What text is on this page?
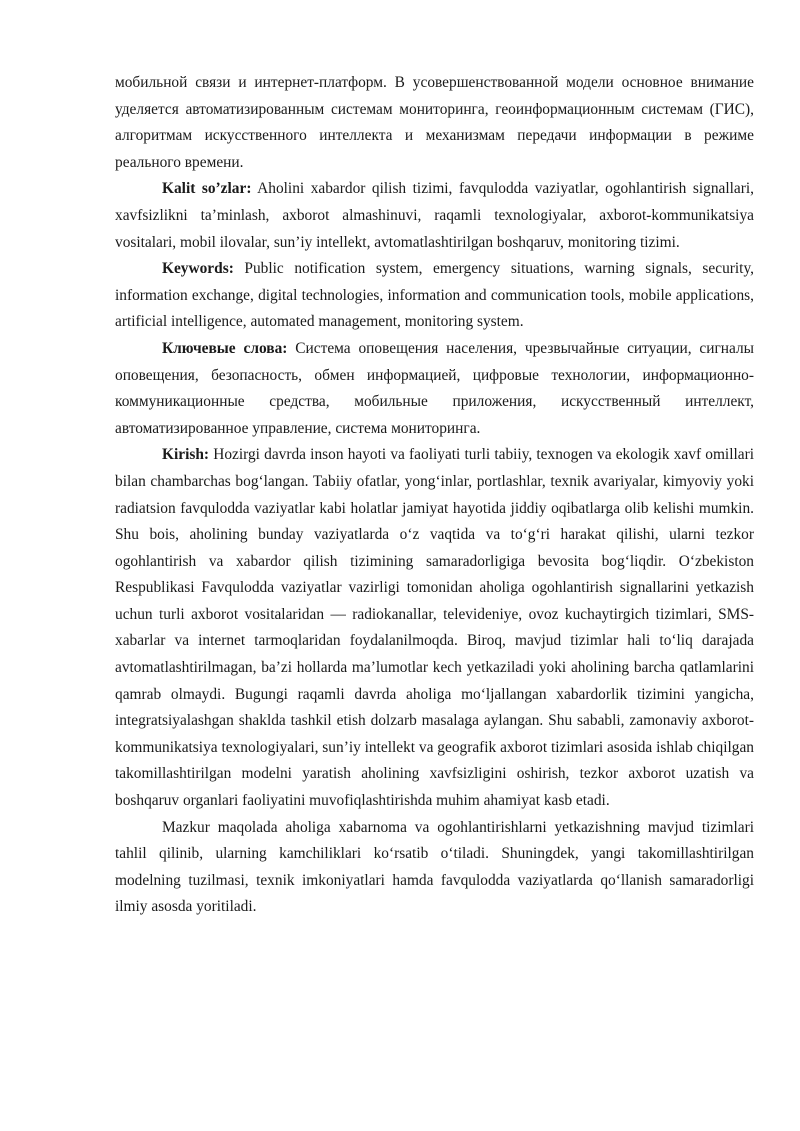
мобильной связи и интернет-платформ. В усовершенствованной модели основное внимание уделяется автоматизированным системам мониторинга, геоинформационным системам (ГИС), алгоритмам искусственного интеллекта и механизмам передачи информации в режиме реального времени.

Kalit so’zlar: Aholini xabardor qilish tizimi, favqulodda vaziyatlar, ogohlantirish signallari, xavfsizlikni ta’minlash, axborot almashinuvi, raqamli texnologiyalar, axborot-kommunikatsiya vositalari, mobil ilovalar, sun’iy intellekt, avtomatlashtirilgan boshqaruv, monitoring tizimi.

Keywords: Public notification system, emergency situations, warning signals, security, information exchange, digital technologies, information and communication tools, mobile applications, artificial intelligence, automated management, monitoring system.

Ключевые слова: Система оповещения населения, чрезвычайные ситуации, сигналы оповещения, безопасность, обмен информацией, цифровые технологии, информационно-коммуникационные средства, мобильные приложения, искусственный интеллект, автоматизированное управление, система мониторинга.

Kirish: Hozirgi davrda inson hayoti va faoliyati turli tabiiy, texnogen va ekologik xavf omillari bilan chambarchas bog‘langan. Tabiiy ofatlar, yong‘inlar, portlashlar, texnik avariyalar, kimyoviy yoki radiatsion favqulodda vaziyatlar kabi holatlar jamiyat hayotida jiddiy oqibatlarga olib kelishi mumkin. Shu bois, aholining bunday vaziyatlarda o‘z vaqtida va to‘g‘ri harakat qilishi, ularni tezkor ogohlantirish va xabardor qilish tizimining samaradorligiga bevosita bog‘liqdir. O‘zbekiston Respublikasi Favqulodda vaziyatlar vazirligi tomonidan aholiga ogohlantirish signallarini yetkazish uchun turli axborot vositalaridan — radiokanallar, televideniye, ovoz kuchaytirgich tizimlari, SMS-xabarlar va internet tarmoqlaridan foydalanilmoqda. Biroq, mavjud tizimlar hali to‘liq darajada avtomatlashtirilmagan, ba’zi hollarda ma’lumotlar kech yetkaziladi yoki aholining barcha qatlamlarini qamrab olmaydi. Bugungi raqamli davrda aholiga mo‘ljallangan xabardorlik tizimini yangicha, integratsiyalashgan shaklda tashkil etish dolzarb masalaga aylangan. Shu sababli, zamonaviy axborot-kommunikatsiya texnologiyalari, sun’iy intellekt va geografik axborot tizimlari asosida ishlab chiqilgan takomillashtirilgan modelni yaratish aholining xavfsizligini oshirish, tezkor axborot uzatish va boshqaruv organlari faoliyatini muvofiqlashtirishda muhim ahamiyat kasb etadi.

Mazkur maqolada aholiga xabarnoma va ogohlantirishlarni yetkazishning mavjud tizimlari tahlil qilinib, ularning kamchiliklari ko‘rsatib o‘tiladi. Shuningdek, yangi takomillashtirilgan modelning tuzilmasi, texnik imkoniyatlari hamda favqulodda vaziyatlarda qo‘llanish samaradorligi ilmiy asosda yoritiladi.
